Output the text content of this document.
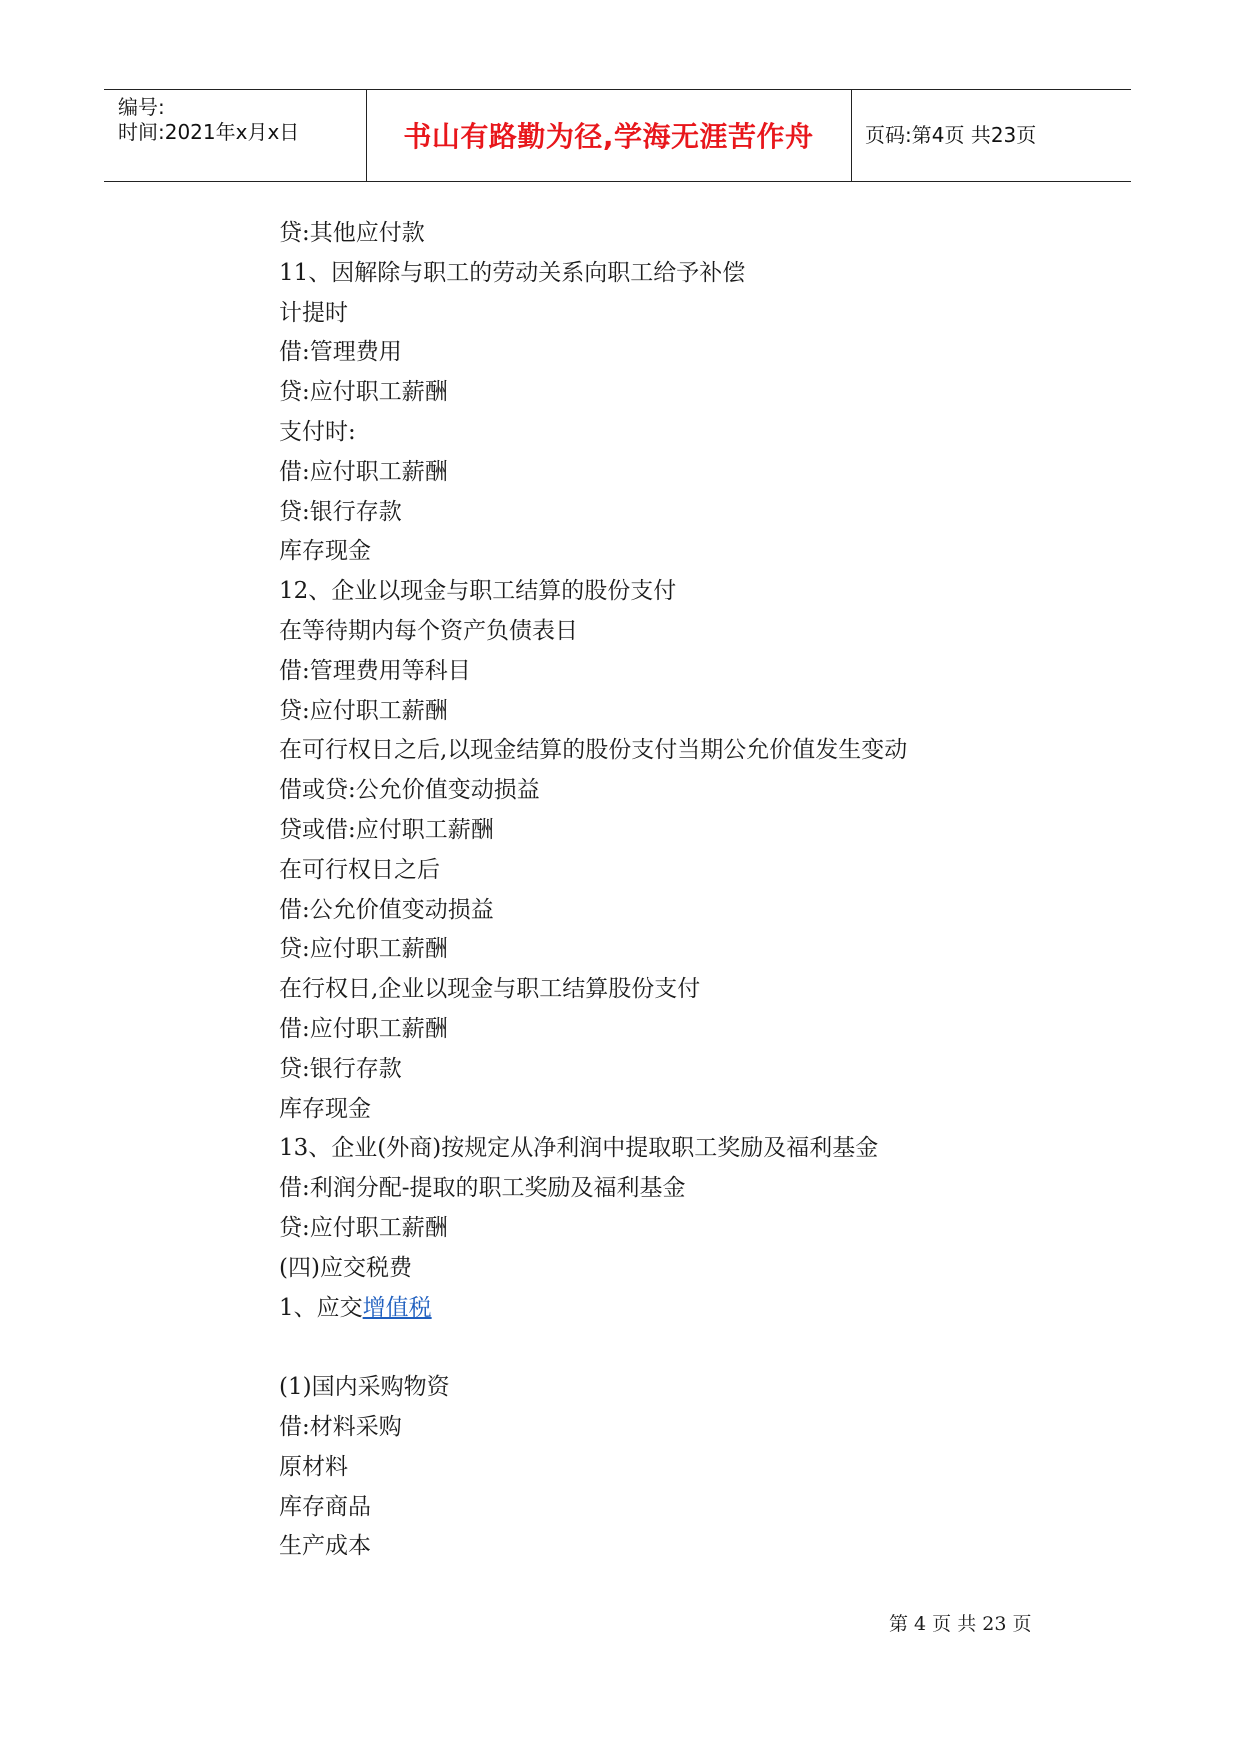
编号:
时间:2021年x月x日	书山有路勤为径,学海无涯苦作舟	页码:第4页 共23页
贷:其他应付款
11、因解除与职工的劳动关系向职工给予补偿
计提时
借:管理费用
贷:应付职工薪酬
支付时:
借:应付职工薪酬
贷:银行存款
库存现金
12、企业以现金与职工结算的股份支付
在等待期内每个资产负债表日
借:管理费用等科目
贷:应付职工薪酬
在可行权日之后,以现金结算的股份支付当期公允价值发生变动
借或贷:公允价值变动损益
贷或借:应付职工薪酬
在可行权日之后
借:公允价值变动损益
贷:应付职工薪酬
在行权日,企业以现金与职工结算股份支付
借:应付职工薪酬
贷:银行存款
库存现金
13、企业(外商)按规定从净利润中提取职工奖励及福利基金
借:利润分配-提取的职工奖励及福利基金
贷:应付职工薪酬
(四)应交税费
1、应交增值税
(1)国内采购物资
借:材料采购
原材料
库存商品
生产成本
第 4 页 共 23 页
